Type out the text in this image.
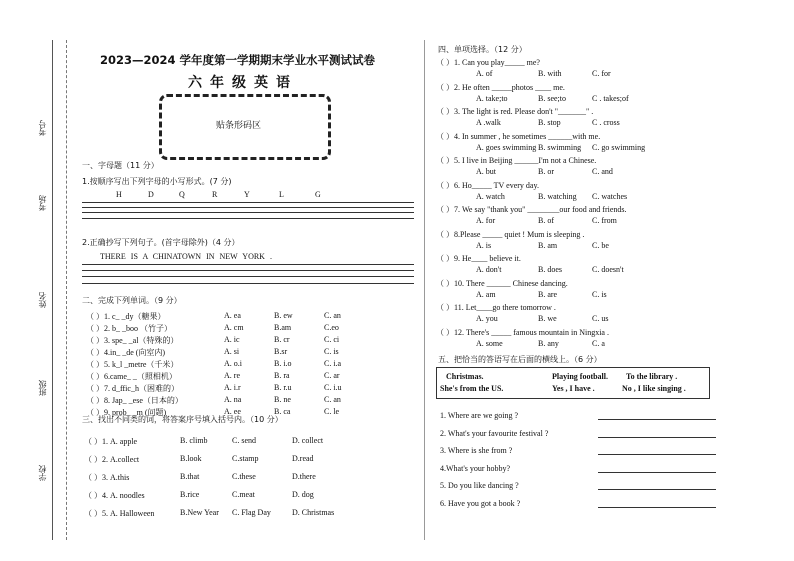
考号
考场
姓名
班级
学校
2023—2024 学年度第一学期期末学业水平测试试卷
六年级英语
贴条形码区
一、字母题（11 分）
1.按顺序写出下列字母的小写形式。(7 分)
H	D	Q	R	Y	L	G
2.正确抄写下列句子。(首字母除外)（4 分）
THERE IS A CHINATOWN IN NEW YORK .
二、完成下列单词。（9 分）
（ ）1. c_ _dy（糖果）	A. ea	B. ew	C. an
（ ）2. b_ _boo （竹子）	A. cm	B.am	C.eo
（ ）3. spe_ _al（特殊的）	A. ic	B. cr	C. ci
（ ）4.in_ _de (向室内)	A. si	B.sr	C. is
（ ）5. k_l _metre（千米）	A. o.i	B. i.o	C. i.a
（ ）6.came_ _（照相机）	A. re	B. ra	C. ar
（ ）7. d_ffic_h（困难的）	A. i.r	B. r.u	C. i.u
（ ）8. Jap_ _ese（日本的）	A. na	B. ne	C. an
（ ）9. prob_ _m (问题)	A. ee	B. ca	C. le
三、找出不同类的词，将答案序号填入括号内。（10 分）
（ ）1. A. apple	B. climb	C. send	D. collect
（ ）2. A.collect	B.look	C.stamp	D.read
（ ）3. A.this	B.that	C.these	D.there
（ ）4. A. noodles	B.rice	C.meat	D. dog
（ ）5. A. Halloween	B.New Year C. Flag Day	D. Christmas
四、单项选择。（12 分）
（ ）1. Can you play_____ me?
A. of	B. with	C. for
（ ）2. He often _____photos ____ me.
A. take;to	B. see;to	C . takes;of
（ ）3. The light is red. Please don't "_______" .
A .walk	B. stop	C . cross
（ ）4. In summer , he sometimes ______with me.
A. goes swimming B. swimming C. go swimming
（ ）5. I live in Beijing ______I'm not a Chinese.
A. but	B. or	C. and
（ ）6. Ho_____ TV every day.
A. watch	B. watching C. watches
（ ）7. We say "thank you" ________our food and friends.
A. for	B. of	C. from
（ ）8.Please _____ quiet ! Mum is sleeping .
A. is	B. am	C. be
（ ）9. He____ believe it.
A. don't	B. does	C. doesn't
（ ）10. There ______ Chinese dancing.
A. am	B. are	C. is
（ ）11. Let____go there tomorrow .
A. you	B. we	C. us
（ ）12. There's _____ famous mountain in Ningxia .
A. some	B. any	C. a
五、把恰当的答语写在后面的横线上。（6 分）
Christmas.	Playing football. To the library .
She's from the US.	Yes , I have .	No , I like singing .
1. Where are we going ?
2. What's your favourite festival ?
3. Where is she from ?
4.What's your hobby?
5. Do you like dancing ?
6. Have you got a book ?
